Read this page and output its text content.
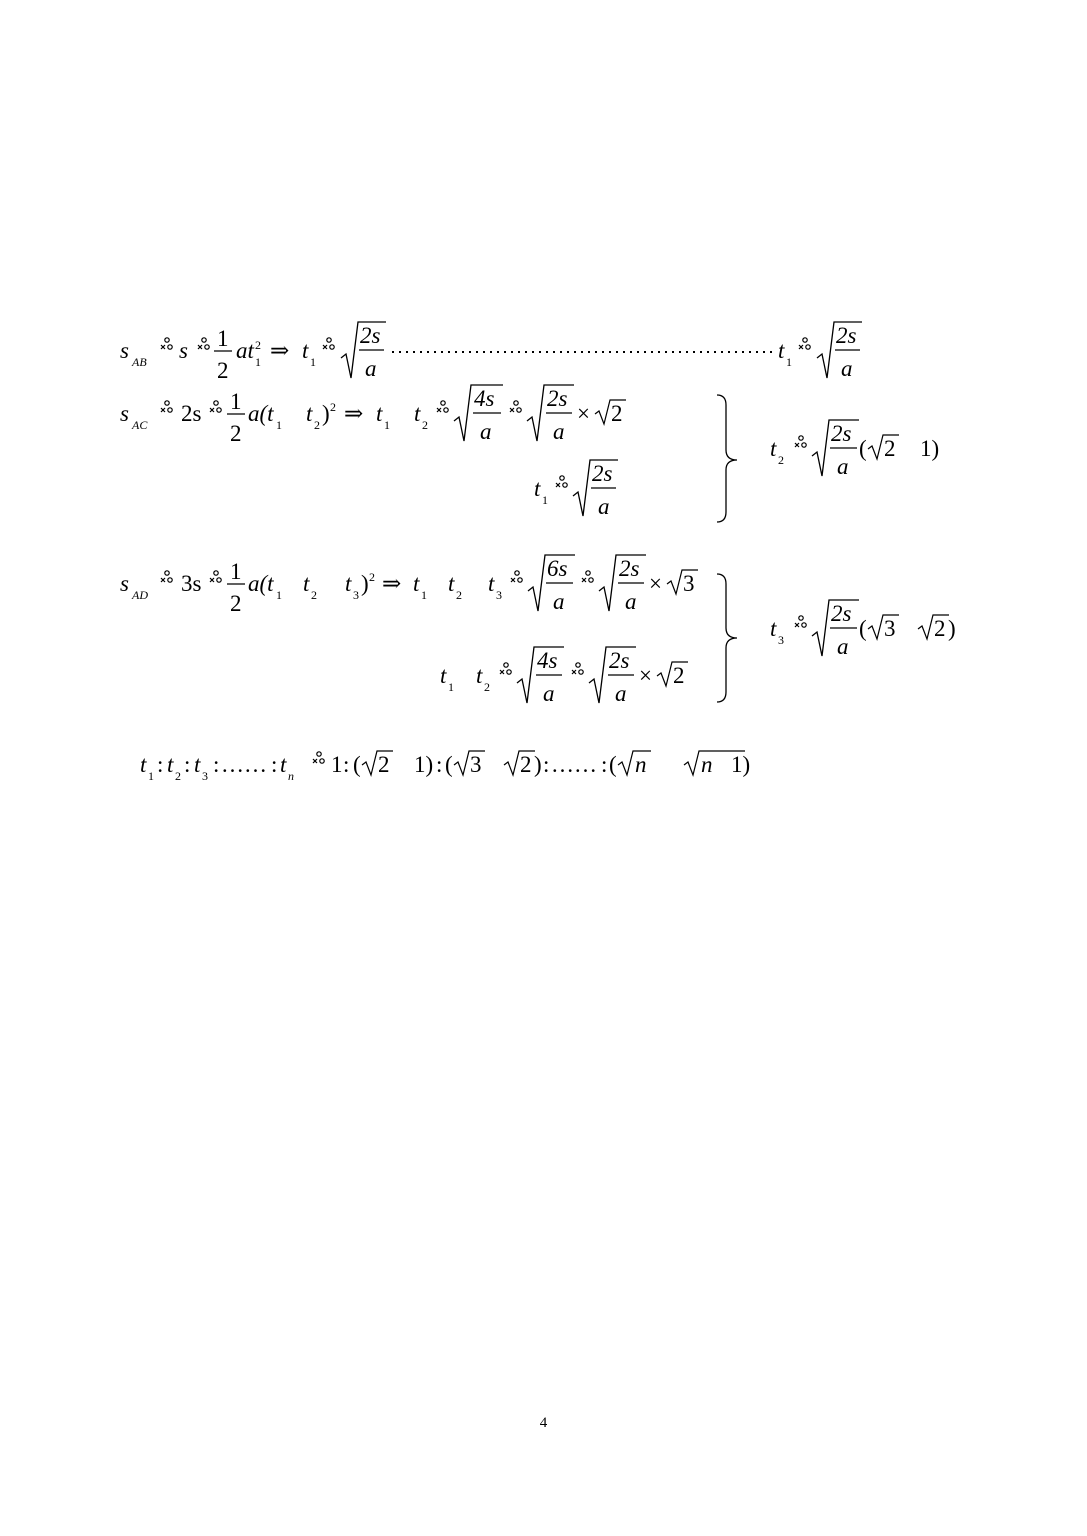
s AB s 1
2
at 1
2 ⇒ t 1
2s
a
t 1
2s
a
s AC 2s 1
2
a(t 1 t 2 ) 2 ⇒ t 1 t 2
4s
a
2s
a
× 2
t 1
2s
a
t 2
2s
a
( 2 1)
s AD 3s 1
2
a(t 1 t 2 t 3 ) 2 ⇒ t 1 t 2 t 3
6s
a
2s
a
× 3
t 1 t 2
4s
a
2s
a
× 2
t 3
2s
a
( 3 2 )
t 1 : t 2 : t 3 : …… : t n 1 : ( 2 1) : ( 3 2 ) : …… : ( n n 1)
4
